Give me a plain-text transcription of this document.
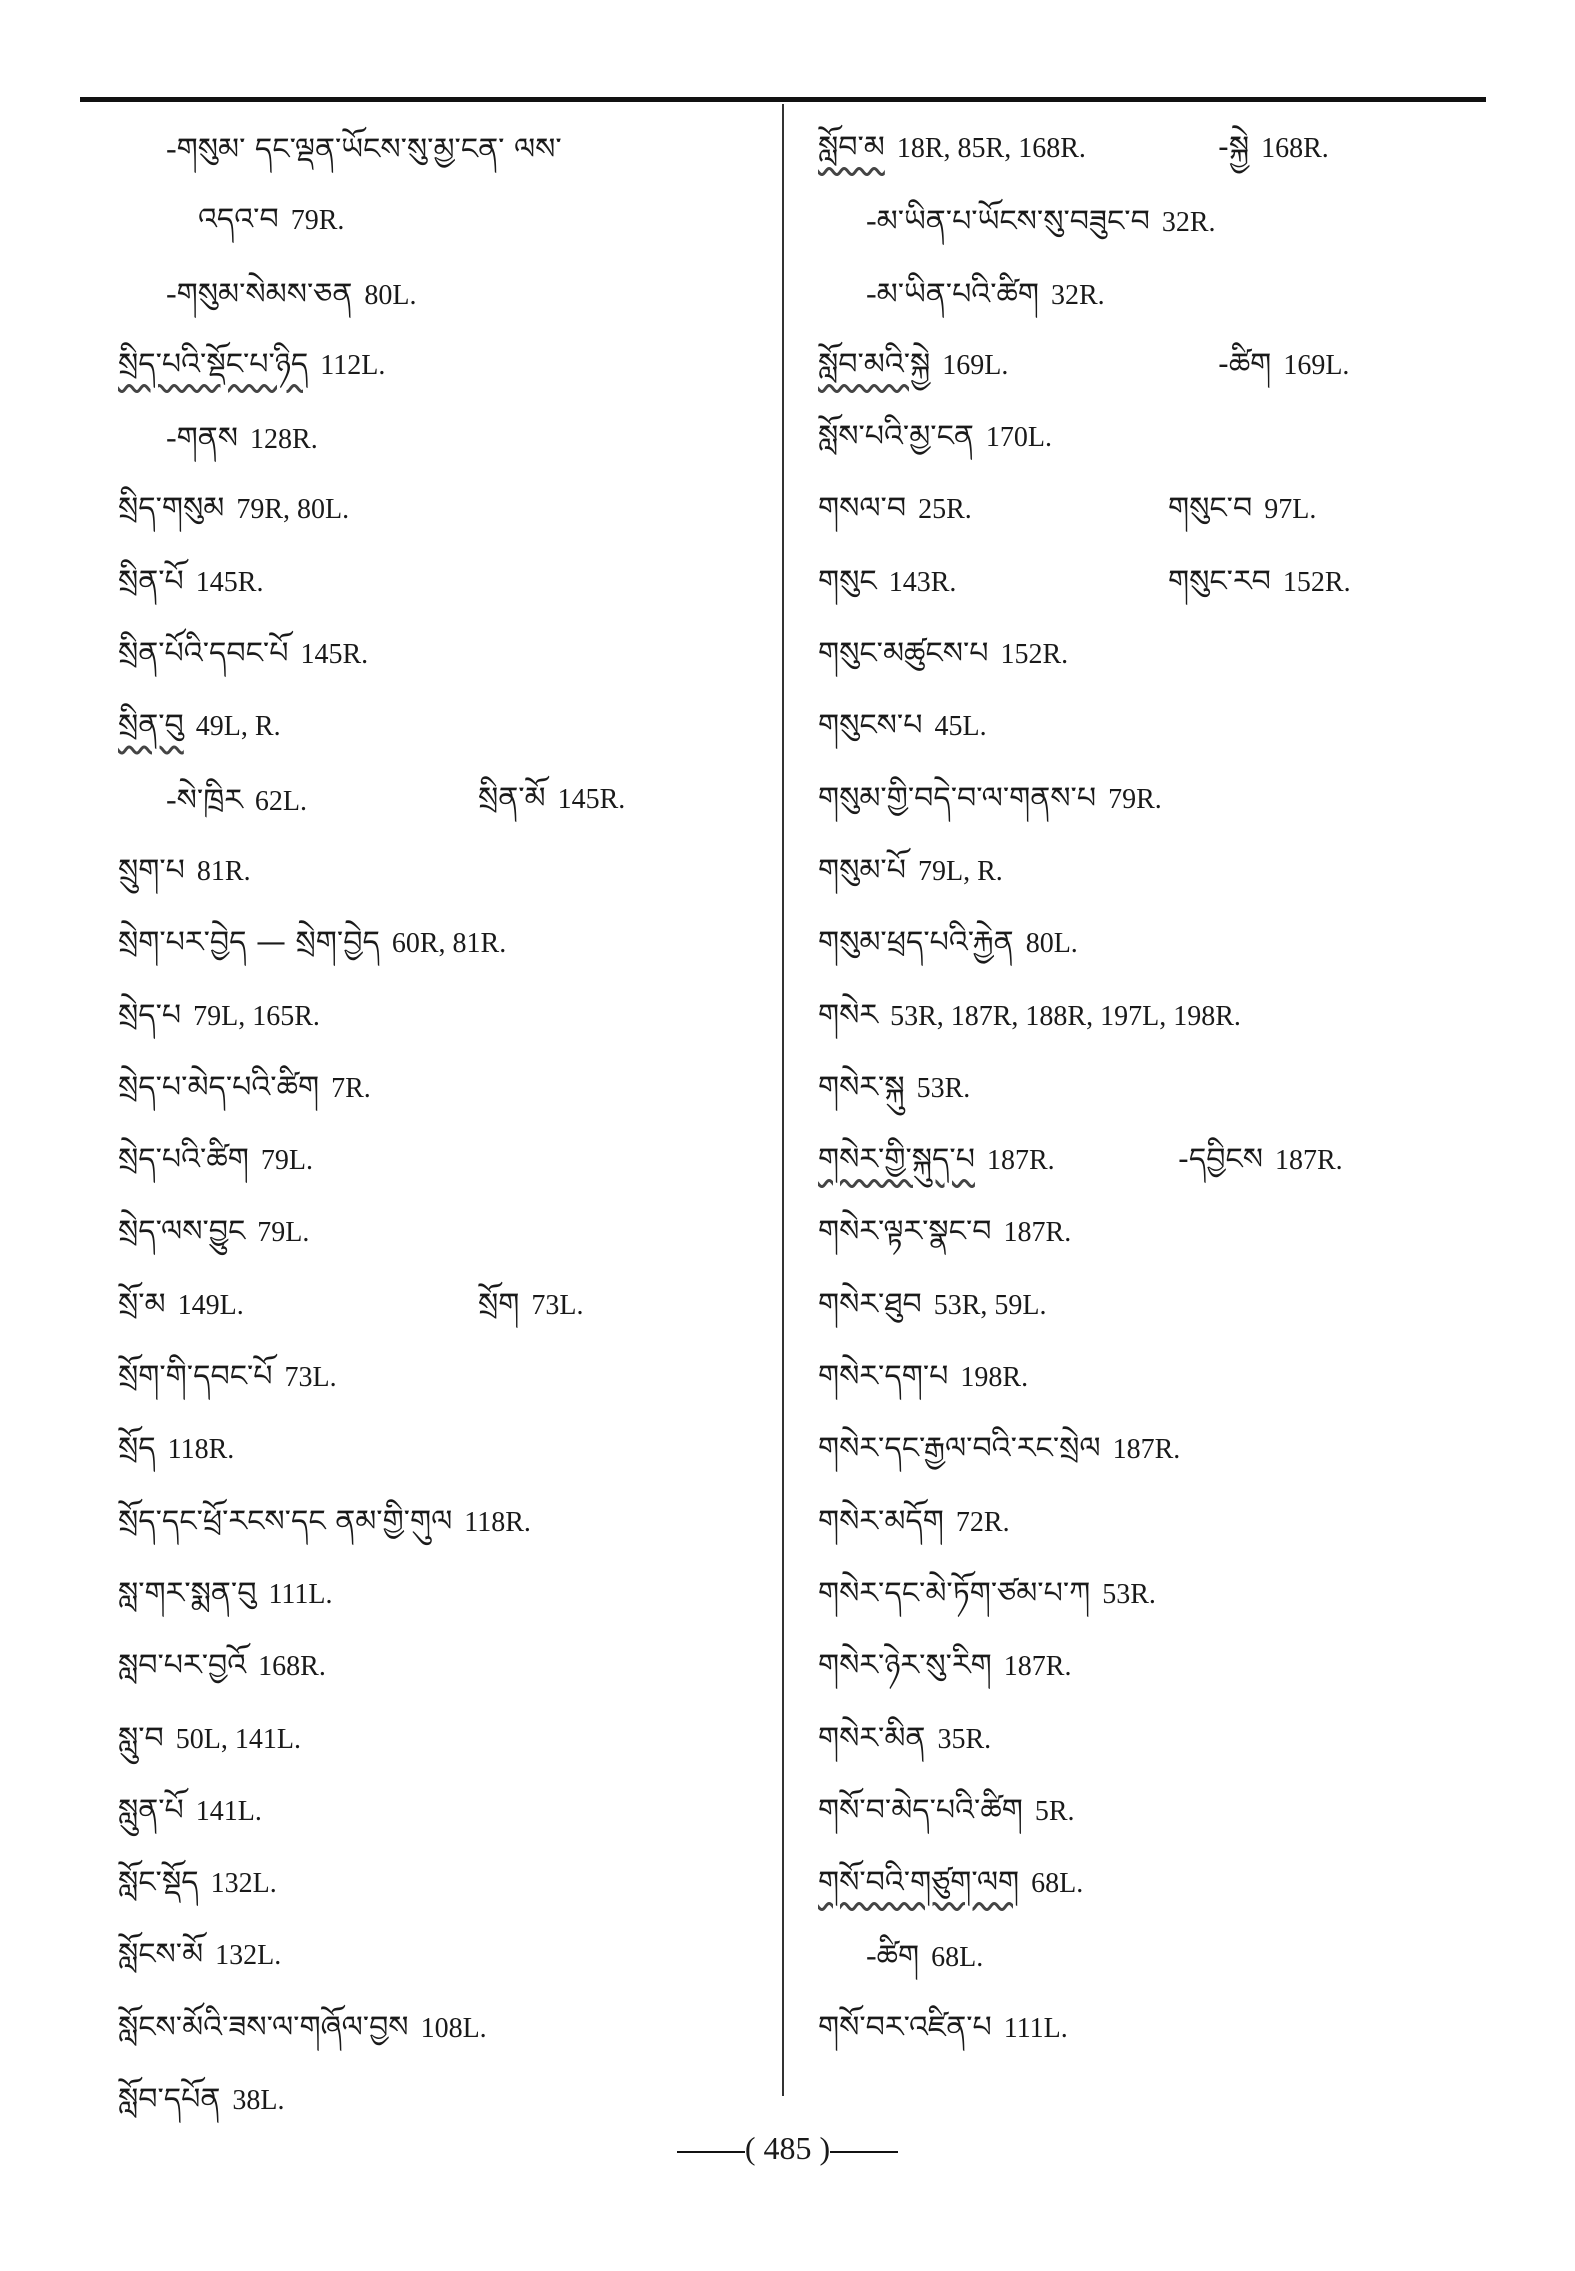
-གསུམ་ དང་ལྡན་ཡོངས་སུ་མྱ་ངན་ ལས་
འདའ་བ 79R.
-གསུམ་སེམས་ཅན 80L.
སྲིད་པའི་སྡོང་པ་ཉིད 112L.
-གནས 128R.
སྲིད་གསུམ 79R, 80L.
སྲིན་པོ 145R.
སྲིན་པོའི་དབང་པོ 145R.
སྲིན་བུ 49L, R.
-སེ་ཁྲིར 62L.	སྲིན་མོ 145R.
སྲུག་པ 81R.
སྲེག་པར་བྱེད — སྲེག་བྱེད 60R, 81R.
སྲེད་པ 79L, 165R.
སྲེད་པ་མེད་པའི་ཚིག 7R.
སྲེད་པའི་ཚིག 79L.
སྲེད་ལས་བྱུང 79L.
སྲོ་མ 149L.	སྲོག 73L.
སྲོག་གི་དབང་པོ 73L.
སྲོད 118R.
སྲོད་དང་ཕྲོ་རངས་དང ནམ་གྱི་གུལ 118R.
སླ་གར་སྨན་བུ 111L.
སླབ་པར་བྱའོ 168R.
སླུ་བ 50L, 141L.
སླུན་པོ 141L.
སློང་སྡོད 132L.
སློངས་མོ 132L.
སློངས་མོའི་ཟས་ལ་གཞོལ་བྱས 108L.
སློབ་དཔོན 38L.
སློབ་མ 18R, 85R, 168R.	-སྐྱེ 168R.
-མ་ཡིན་པ་ཡོངས་སུ་བཟུང་བ 32R.
-མ་ཡིན་པའི་ཚིག 32R.
སློབ་མའི་སྐྱེ 169L.	-ཚིག 169L.
སློས་པའི་མྱ་ངན 170L.
གསལ་བ 25R.	གསུང་བ 97L.
གསུང 143R.	གསུང་རབ 152R.
གསུང་མཚུངས་པ 152R.
གསུངས་པ 45L.
གསུམ་གྱི་བདེ་བ་ལ་གནས་པ 79R.
གསུམ་པོ 79L, R.
གསུམ་ཕྲད་པའི་རྐྱེན 80L.
གསེར 53R, 187R, 188R, 197L, 198R.
གསེར་སྐུ 53R.
གསེར་གྱི་སྐུད་པ 187R.	-དབྱིངས 187R.
གསེར་ལྟར་སྣང་བ 187R.
གསེར་ཐུབ 53R, 59L.
གསེར་དག་པ 198R.
གསེར་དང་རྒྱལ་བའི་རང་སྲེལ 187R.
གསེར་མདོག 72R.
གསེར་དང་མེ་ཏོག་ཙམ་པ་ཀ 53R.
གསེར་ཉེར་སུ་རིག 187R.
གསེར་མིན 35R.
གསོ་བ་མེད་པའི་ཚིག 5R.
གསོ་བའི་གཙུག་ལག 68L.
-ཚིག 68L.
གསོ་བར་འཛིན་པ 111L.
( 485 )
